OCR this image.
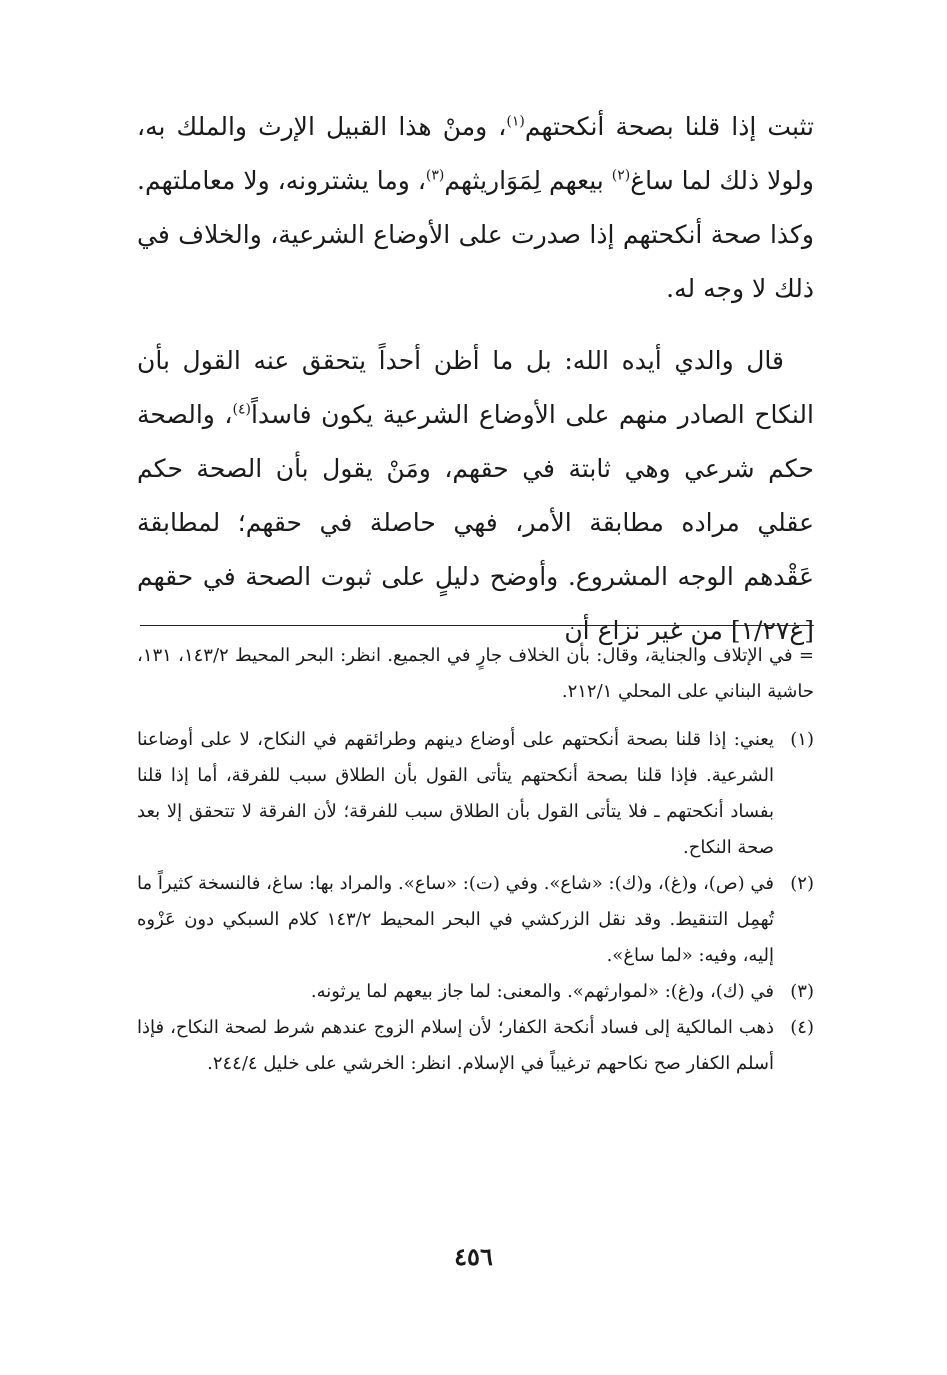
تثبت إذا قلنا بصحة أنكحتهم$^{(١)}$، ومنْ هذا القبيل الإرث والملك به، ولولا ذلك لما ساغ$^{(٢)}$ بيعهم لِمَوَاريثهم$^{(٣)}$، وما يشترونه، ولا معاملتهم. وكذا صحة أنكحتهم إذا صدرت على الأوضاع الشرعية، والخلاف في ذلك لا وجه له.

قال والدي أيده الله: بل ما أظن أحداً يتحقق عنه القول بأن النكاح الصادر منهم على الأوضاع الشرعية يكون فاسداً$^{(٤)}$، والصحة حكم شرعي وهي ثابتة في حقهم، ومَنْ يقول بأن الصحة حكم عقلي مراده مطابقة الأمر، فهي حاصلة في حقهم؛ لمطابقة عَقْدهم الوجه المشروع. وأوضح دليلٍ على ثبوت الصحة في حقهم [غ١/٢٧] من غير نزاع أن

= في الإتلاف والجناية، وقال: بأن الخلاف جارٍ في الجميع. انظر: البحر المحيط ١٤٣/٢، ١٣١، حاشية البناني على المحلي ٢١٢/١.

(١)
يعني: إذا قلنا بصحة أنكحتهم على أوضاع دينهم وطرائقهم في النكاح، لا على أوضاعنا الشرعية. فإذا قلنا بصحة أنكحتهم يتأتى القول بأن الطلاق سبب للفرقة، أما إذا قلنا بفساد أنكحتهم ـ فلا يتأتى القول بأن الطلاق سبب للفرقة؛ لأن الفرقة لا تتحقق إلا بعد صحة النكاح.

(٢)
في (ص)، و(غ)، و(ك): «شاع». وفي (ت): «ساع». والمراد بها: ساغ، فالنسخة كثيراً ما تُهمِل التنقيط. وقد نقل الزركشي في البحر المحيط ١٤٣/٢ كلام السبكي دون عَزْوه إليه، وفيه: «لما ساغ».

(٣)
في (ك)، و(غ): «لموارثهم». والمعنى: لما جاز بيعهم لما يرثونه.

(٤)
ذهب المالكية إلى فساد أنكحة الكفار؛ لأن إسلام الزوج عندهم شرط لصحة النكاح، فإذا أسلم الكفار صح نكاحهم ترغيباً في الإسلام. انظر: الخرشي على خليل ٢٤٤/٤.

٤٥٦
